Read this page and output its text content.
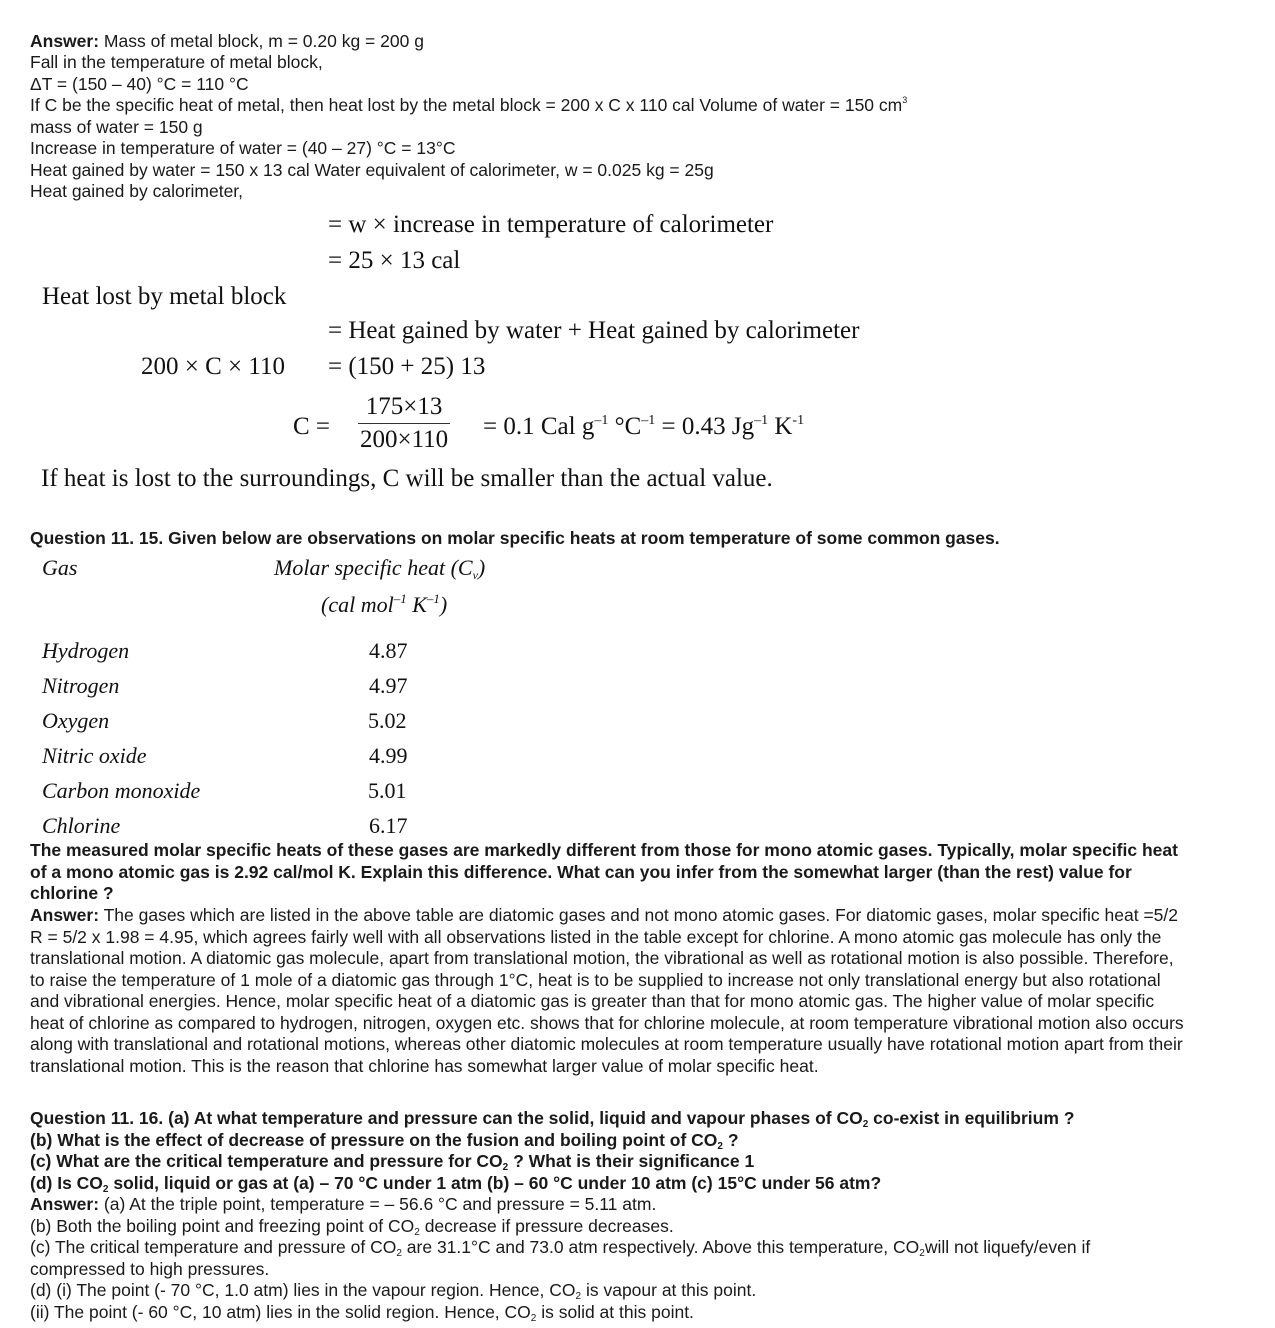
Answer: Mass of metal block, m = 0.20 kg = 200 g
Fall in the temperature of metal block,
ΔT = (150 – 40) °C = 110 °C
If C be the specific heat of metal, then heat lost by the metal block = 200 x C x 110 cal Volume of water = 150 $cm^3$
mass of water = 150 g
Increase in temperature of water = (40 – 27) °C = 13°C
Heat gained by water = 150 x 13 cal Water equivalent of calorimeter, w = 0.025 kg = 25g
Heat gained by calorimeter,
= w × increase in temperature of calorimeter
= 25 × 13 cal
Heat lost by metal block
= Heat gained by water + Heat gained by calorimeter
200 × C × 110 = (150 + 25) 13
C =
175×13
200×110 = 0.1 Cal $g^{-1}$ $^\circ C^{-1} = 0.43$ $Jg^{-1}$ $K^{-1}$
If heat is lost to the surroundings, C will be smaller than the actual value.
Question 11. 15. Given below are observations on molar specific heats at room temperature of some common gases.
Gas	Molar specific heat $(C_v)$
(cal mol$^{-1}$ $K^{-1}$)
Hydrogen	4.87
Nitrogen	4.97
Oxygen	5.02
Nitric oxide	4.99
Carbon monoxide	5.01
Chlorine	6.17
The measured molar specific heats of these gases are markedly different from those for mono atomic gases. Typically, molar specific heat
of a mono atomic gas is 2.92 cal/mol K. Explain this difference. What can you infer from the somewhat larger (than the rest) value for
chlorine ?
Answer: The gases which are listed in the above table are diatomic gases and not mono atomic gases. For diatomic gases, molar specific heat =5/2
R = 5/2 x 1.98 = 4.95, which agrees fairly well with all observations listed in the table except for chlorine. A mono atomic gas molecule has only the
translational motion. A diatomic gas molecule, apart from translational motion, the vibrational as well as rotational motion is also possible. Therefore,
to raise the temperature of 1 mole of a diatomic gas through 1°C, heat is to be supplied to increase not only translational energy but also rotational
and vibrational energies. Hence, molar specific heat of a diatomic gas is greater than that for mono atomic gas. The higher value of molar specific
heat of chlorine as compared to hydrogen, nitrogen, oxygen etc. shows that for chlorine molecule, at room temperature vibrational motion also occurs
along with translational and rotational motions, whereas other diatomic molecules at room temperature usually have rotational motion apart from their
translational motion. This is the reason that chlorine has somewhat larger value of molar specific heat.
Question 11. 16. (a) At what temperature and pressure can the solid, liquid and vapour phases of $CO_2$ co-exist in equilibrium ?
(b) What is the effect of decrease of pressure on the fusion and boiling point of $CO_2$ ?
(c) What are the critical temperature and pressure for $CO_2$ ? What is their significance 1
(d) Is $CO_2$ solid, liquid or gas at (a) – 70 °C under 1 atm (b) – 60 °C under 10 atm (c) 15°C under 56 atm?
Answer: (a) At the triple point, temperature = – 56.6 °C and pressure = 5.11 atm.
(b) Both the boiling point and freezing point of $CO_2$ decrease if pressure decreases.
(c) The critical temperature and pressure of $CO_2$ are 31.1°C and 73.0 atm respectively. Above this temperature, $CO_2will$ not liquefy/even if
compressed to high pressures.
(d) (i) The point (- 70 °C, 1.0 atm) lies in the vapour region. Hence, $CO_2$ is vapour at this point.
(ii) The point (- 60 °C, 10 atm) lies in the solid region. Hence, $CO_2$ is solid at this point.
